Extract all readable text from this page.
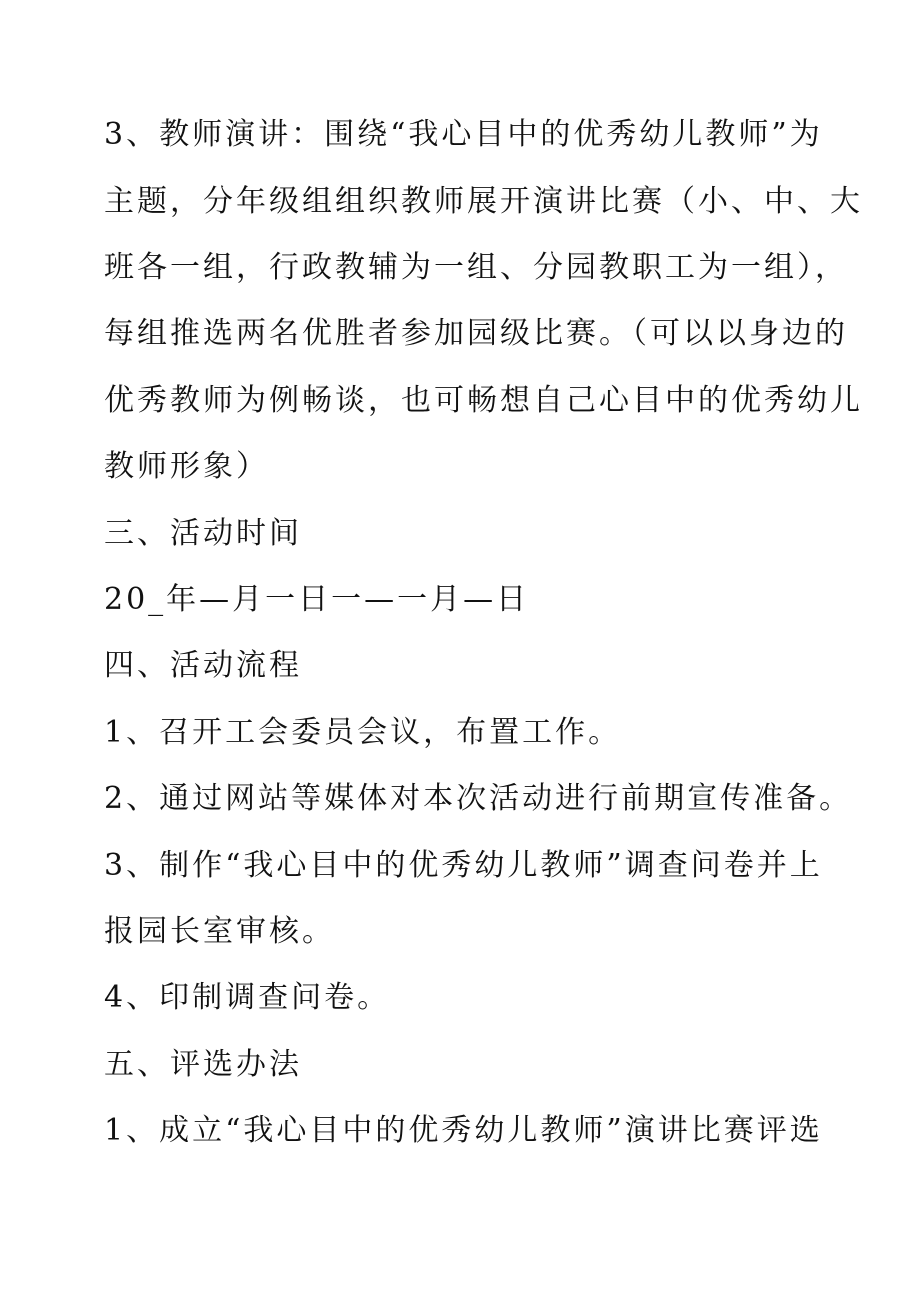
3、教师演讲：围绕“我心目中的优秀幼儿教师”为
主题，分年级组组织教师展开演讲比赛（小、中、大
班各一组，行政教辅为一组、分园教职工为一组），
每组推选两名优胜者参加园级比赛。（可以以身边的
优秀教师为例畅谈，也可畅想自己心目中的优秀幼儿
教师形象）
三、活动时间
20_年—月一日一—一月—日
四、活动流程
1、召开工会委员会议，布置工作。
2、通过网站等媒体对本次活动进行前期宣传准备。
3、制作“我心目中的优秀幼儿教师”调查问卷并上
报园长室审核。
4、印制调查问卷。
五、评选办法
1、成立“我心目中的优秀幼儿教师”演讲比赛评选
